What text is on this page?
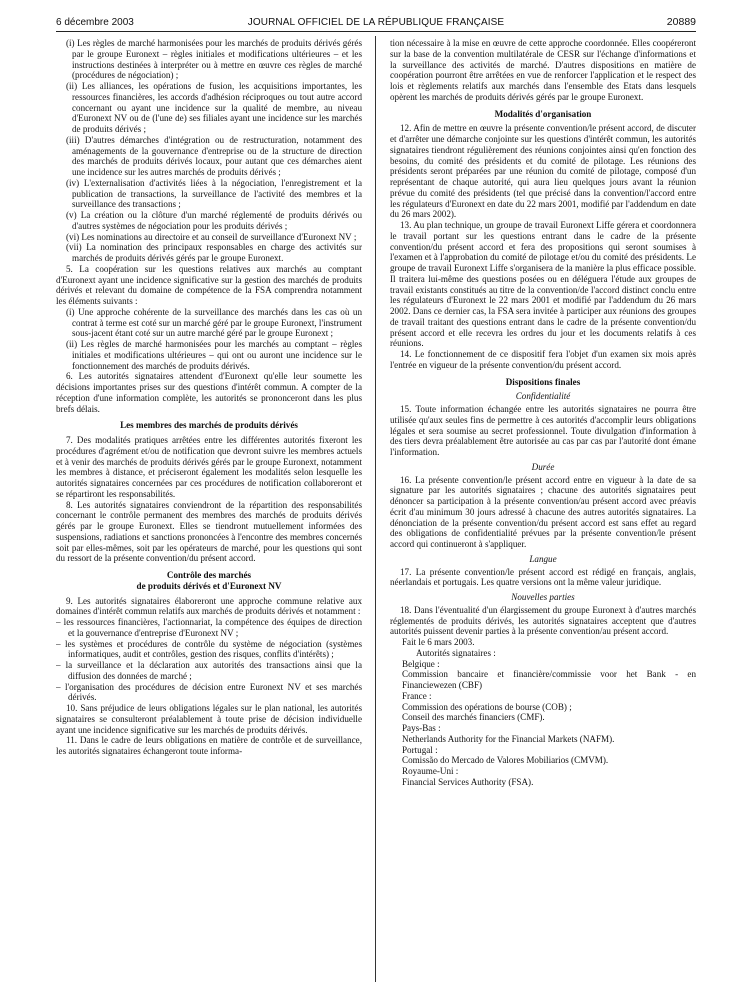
6 décembre 2003	JOURNAL OFFICIEL DE LA RÉPUBLIQUE FRANÇAISE	20889

(i) Les règles de marché harmonisées pour les marchés de produits dérivés gérés par le groupe Euronext – règles initiales et modifications ultérieures – et les instructions destinées à interpréter ou à mettre en œuvre ces règles de marché (procédures de négociation) ;

(ii) Les alliances, les opérations de fusion, les acquisitions importantes, les ressources financières, les accords d'adhésion réciproques ou tout autre accord concernant ou ayant une incidence sur la qualité de membre, au niveau d'Euronext NV ou de (l'une de) ses filiales ayant une incidence sur les marchés de produits dérivés ;

(iii) D'autres démarches d'intégration ou de restructuration, notamment des aménagements de la gouvernance d'entreprise ou de la structure de direction des marchés de produits dérivés locaux, pour autant que ces démarches aient une incidence sur les autres marchés de produits dérivés ;

(iv) L'externalisation d'activités liées à la négociation, l'enregistrement et la publication de transactions, la surveillance de l'activité des membres et la surveillance des transactions ;

(v) La création ou la clôture d'un marché réglementé de produits dérivés ou d'autres systèmes de négociation pour les produits dérivés ;

(vi) Les nominations au directoire et au conseil de surveillance d'Euronext NV ;

(vii) La nomination des principaux responsables en charge des activités sur marchés de produits dérivés gérés par le groupe Euronext.

5. La coopération sur les questions relatives aux marchés au comptant d'Euronext ayant une incidence significative sur la gestion des marchés de produits dérivés et relevant du domaine de compétence de la FSA comprendra notamment les éléments suivants :

(i) Une approche cohérente de la surveillance des marchés dans les cas où un contrat à terme est coté sur un marché géré par le groupe Euronext, l'instrument sous-jacent étant coté sur un autre marché géré par le groupe Euronext ;

(ii) Les règles de marché harmonisées pour les marchés au comptant – règles initiales et modifications ultérieures – qui ont ou auront une incidence sur le fonctionnement des marchés de produits dérivés.

6. Les autorités signataires attendent d'Euronext qu'elle leur soumette les décisions importantes prises sur des questions d'intérêt commun. A compter de la réception d'une information complète, les autorités se prononceront dans les plus brefs délais.

Les membres des marchés de produits dérivés

7. Des modalités pratiques arrêtées entre les différentes autorités fixeront les procédures d'agrément et/ou de notification que devront suivre les membres actuels et à venir des marchés de produits dérivés gérés par le groupe Euronext, notamment les membres à distance, et préciseront également les modalités selon lesquelle les autorités signataires concernées par ces procédures de notification collaboreront et se répartiront les responsabilités.

8. Les autorités signataires conviendront de la répartition des responsabilités concernant le contrôle permanent des membres des marchés de produits dérivés gérés par le groupe Euronext. Elles se tiendront mutuellement informées des suspensions, radiations et sanctions prononcées à l'encontre des membres concernés soit par elles-mêmes, soit par les opérateurs de marché, pour les questions qui sont du ressort de la présente convention/du présent accord.

Contrôle des marchés
de produits dérivés et d'Euronext NV

9. Les autorités signataires élaboreront une approche commune relative aux domaines d'intérêt commun relatifs aux marchés de produits dérivés et notamment :

– les ressources financières, l'actionnariat, la compétence des équipes de direction et la gouvernance d'entreprise d'Euronext NV ;

– les systèmes et procédures de contrôle du système de négociation (systèmes informatiques, audit et contrôles, gestion des risques, conflits d'intérêts) ;

– la surveillance et la déclaration aux autorités des transactions ainsi que la diffusion des données de marché ;

– l'organisation des procédures de décision entre Euronext NV et ses marchés dérivés.

10. Sans préjudice de leurs obligations légales sur le plan national, les autorités signataires se consulteront préalablement à toute prise de décision individuelle ayant une incidence significative sur les marchés de produits dérivés.

11. Dans le cadre de leurs obligations en matière de contrôle et de surveillance, les autorités signataires échangeront toute informa-

tion nécessaire à la mise en œuvre de cette approche coordonnée. Elles coopéreront sur la base de la convention multilatérale de CESR sur l'échange d'informations et la surveillance des activités de marché. D'autres dispositions en matière de coopération pourront être arrêtées en vue de renforcer l'application et le respect des lois et règlements relatifs aux marchés dans l'ensemble des Etats dans lesquels opèrent les marchés de produits dérivés gérés par le groupe Euronext.

Modalités d'organisation

12. Afin de mettre en œuvre la présente convention/le présent accord, de discuter et d'arrêter une démarche conjointe sur les questions d'intérêt commun, les autorités signataires tiendront régulièrement des réunions conjointes ainsi qu'en fonction des besoins, du comité des présidents et du comité de pilotage. Les réunions des présidents seront préparées par une réunion du comité de pilotage, composé d'un représentant de chaque autorité, qui aura lieu quelques jours avant la réunion prévue du comité des présidents (tel que précisé dans la convention/l'accord entre les régulateurs d'Euronext en date du 22 mars 2001, modifié par l'addendum en date du 26 mars 2002).

13. Au plan technique, un groupe de travail Euronext Liffe gérera et coordonnera le travail portant sur les questions entrant dans le cadre de la présente convention/du présent accord et fera des propositions qui seront soumises à l'examen et à l'approbation du comité de pilotage et/ou du comité des présidents. Le groupe de travail Euronext Liffe s'organisera de la manière la plus efficace possible. Il traitera lui-même des questions posées ou en déléguera l'étude aux groupes de travail existants constitués au titre de la convention/de l'accord distinct conclu entre les régulateurs d'Euronext le 22 mars 2001 et modifié par l'addendum du 26 mars 2002. Dans ce dernier cas, la FSA sera invitée à participer aux réunions des groupes de travail traitant des questions entrant dans le cadre de la présente convention/du présent accord et elle recevra les ordres du jour et les documents relatifs à ces réunions.

14. Le fonctionnement de ce dispositif fera l'objet d'un examen six mois après l'entrée en vigueur de la présente convention/du présent accord.

Dispositions finales

Confidentialité

15. Toute information échangée entre les autorités signataires ne pourra être utilisée qu'aux seules fins de permettre à ces autorités d'accomplir leurs obligations légales et sera soumise au secret professionnel. Toute divulgation d'information à des tiers devra préalablement être autorisée au cas par cas par l'autorité dont émane l'information.

Durée

16. La présente convention/le présent accord entre en vigueur à la date de sa signature par les autorités signataires ; chacune des autorités signataires peut dénoncer sa participation à la présente convention/au présent accord avec préavis écrit d'au minimum 30 jours adressé à chacune des autres autorités signataires. La dénonciation de la présente convention/du présent accord est sans effet au regard des obligations de confidentialité prévues par la présente convention/le présent accord qui continueront à s'appliquer.

Langue

17. La présente convention/le présent accord est rédigé en français, anglais, néerlandais et portugais. Les quatre versions ont la même valeur juridique.

Nouvelles parties

18. Dans l'éventualité d'un élargissement du groupe Euronext à d'autres marchés réglementés de produits dérivés, les autorités signataires acceptent que d'autres autorités puissent devenir parties à la présente convention/au présent accord.

Fait le 6 mars 2003.

Autorités signataires :

Belgique :

Commission bancaire et financière/commissie voor het Bank - en Financiewezen (CBF)

France :

Commission des opérations de bourse (COB) ;

Conseil des marchés financiers (CMF).

Pays-Bas :

Netherlands Authority for the Financial Markets (NAFM).

Portugal :

Comissão do Mercado de Valores Mobiliarios (CMVM).

Royaume-Uni :

Financial Services Authority (FSA).
